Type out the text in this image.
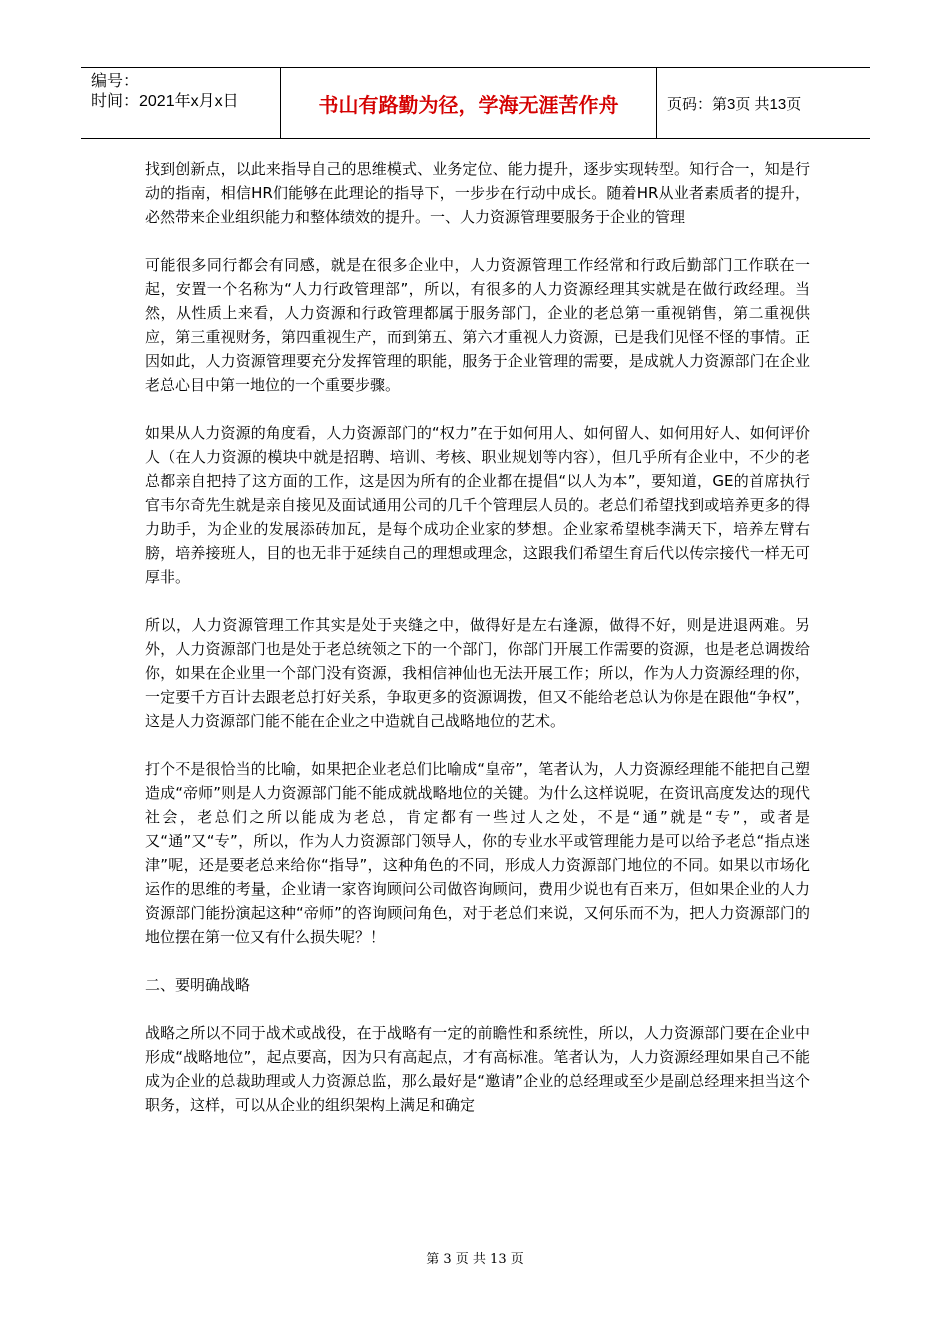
编号：
时间：2021年x月x日	书山有路勤为径，学海无涯苦作舟	页码：第3页 共13页

找到创新点，以此来指导自己的思维模式、业务定位、能力提升，逐步实现转型。知行合一，知是行动的指南，相信HR们能够在此理论的指导下，一步步在行动中成长。随着HR从业者素质者的提升，必然带来企业组织能力和整体绩效的提升。一、人力资源管理要服务于企业的管理

可能很多同行都会有同感，就是在很多企业中，人力资源管理工作经常和行政后勤部门工作联在一起，安置一个名称为“人力行政管理部”，所以，有很多的人力资源经理其实就是在做行政经理。当然，从性质上来看，人力资源和行政管理都属于服务部门，企业的老总第一重视销售，第二重视供应，第三重视财务，第四重视生产，而到第五、第六才重视人力资源，已是我们见怪不怪的事情。正因如此，人力资源管理要充分发挥管理的职能，服务于企业管理的需要，是成就人力资源部门在企业老总心目中第一地位的一个重要步骤。

如果从人力资源的角度看，人力资源部门的“权力”在于如何用人、如何留人、如何用好人、如何评价人（在人力资源的模块中就是招聘、培训、考核、职业规划等内容），但几乎所有企业中，不少的老总都亲自把持了这方面的工作，这是因为所有的企业都在提倡“以人为本”，要知道，GE的首席执行官韦尔奇先生就是亲自接见及面试通用公司的几千个管理层人员的。老总们希望找到或培养更多的得力助手，为企业的发展添砖加瓦，是每个成功企业家的梦想。企业家希望桃李满天下，培养左臂右膀，培养接班人，目的也无非于延续自己的理想或理念，这跟我们希望生育后代以传宗接代一样无可厚非。

所以，人力资源管理工作其实是处于夹缝之中，做得好是左右逢源，做得不好，则是进退两难。另外，人力资源部门也是处于老总统领之下的一个部门，你部门开展工作需要的资源，也是老总调拨给你，如果在企业里一个部门没有资源，我相信神仙也无法开展工作；所以，作为人力资源经理的你，一定要千方百计去跟老总打好关系，争取更多的资源调拨，但又不能给老总认为你是在跟他“争权”，这是人力资源部门能不能在企业之中造就自己战略地位的艺术。

打个不是很恰当的比喻，如果把企业老总们比喻成“皇帝”，笔者认为，人力资源经理能不能把自己塑造成“帝师”则是人力资源部门能不能成就战略地位的关键。为什么这样说呢，在资讯高度发达的现代社会，老总们之所以能成为老总，肯定都有一些过人之处，不是“通”就是“专”，或者是又“通”又“专”，所以，作为人力资源部门领导人，你的专业水平或管理能力是可以给予老总“指点迷津”呢，还是要老总来给你“指导”，这种角色的不同，形成人力资源部门地位的不同。如果以市场化运作的思维的考量，企业请一家咨询顾问公司做咨询顾问，费用少说也有百来万，但如果企业的人力资源部门能扮演起这种“帝师”的咨询顾问角色，对于老总们来说，又何乐而不为，把人力资源部门的地位摆在第一位又有什么损失呢？！

二、要明确战略

战略之所以不同于战术或战役，在于战略有一定的前瞻性和系统性，所以，人力资源部门要在企业中形成“战略地位”，起点要高，因为只有高起点，才有高标准。笔者认为，人力资源经理如果自己不能成为企业的总裁助理或人力资源总监，那么最好是“邀请”企业的总经理或至少是副总经理来担当这个职务，这样，可以从企业的组织架构上满足和确定

第 3 页 共 13 页
